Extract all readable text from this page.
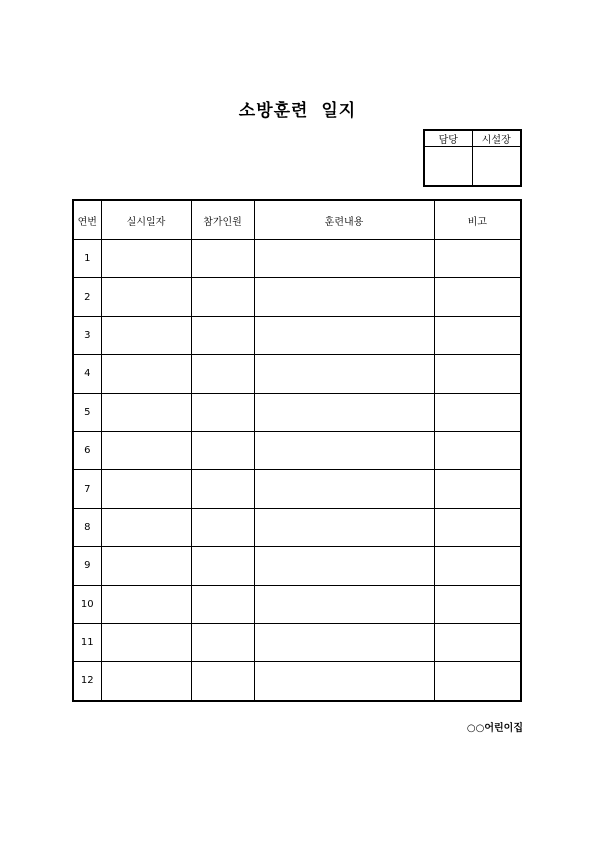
소방훈련 일지
담당	시설장

연번	실시일자	참가인원	훈련내용	비고
1				
2				
3				
4				
5				
6				
7				
8				
9				
10				
11				
12				
○○어린이집
